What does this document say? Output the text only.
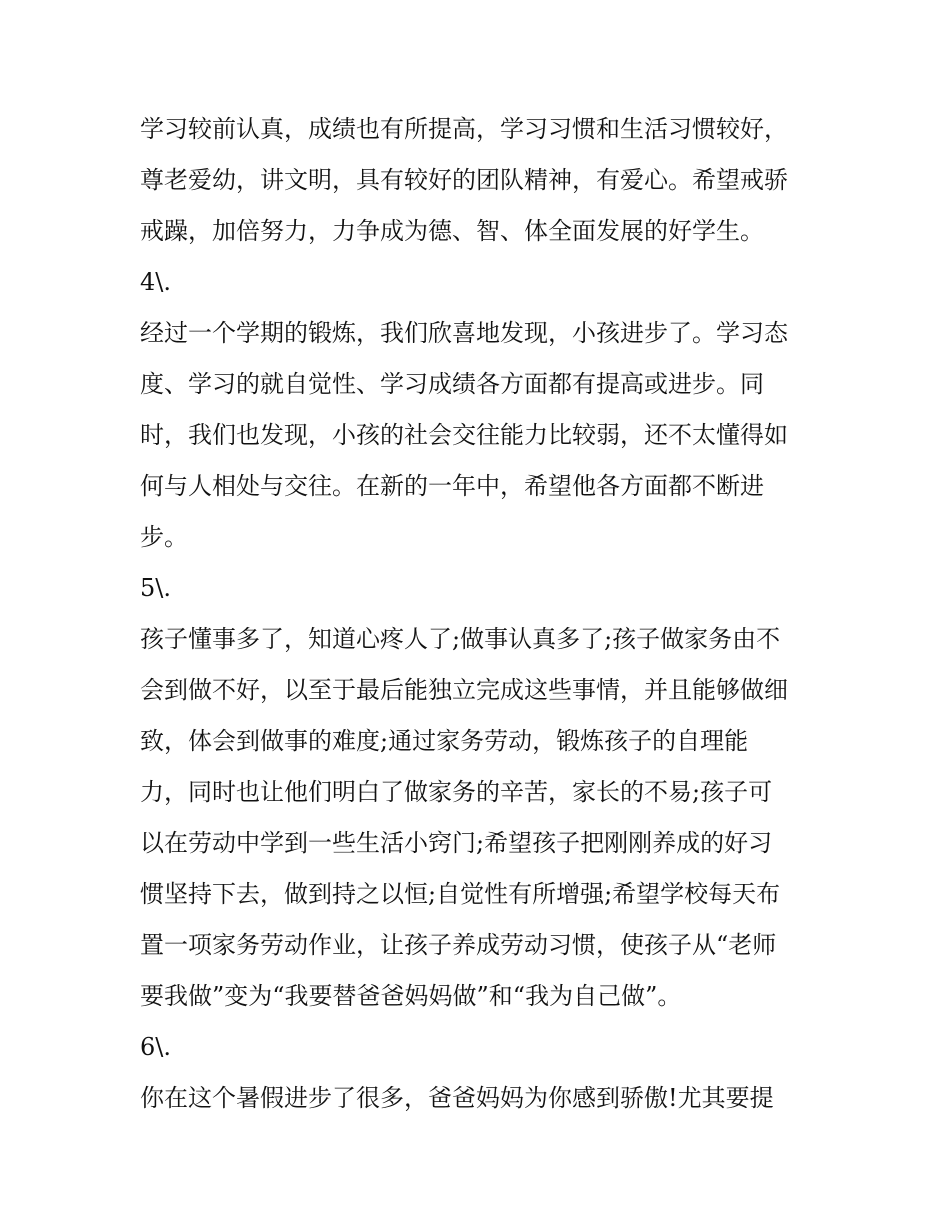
学习较前认真，成绩也有所提高，学习习惯和生活习惯较好，
尊老爱幼，讲文明，具有较好的团队精神，有爱心。希望戒骄
戒躁，加倍努力，力争成为德、智、体全面发展的好学生。
4\.
经过一个学期的锻炼，我们欣喜地发现，小孩进步了。学习态
度、学习的就自觉性、学习成绩各方面都有提高或进步。同
时，我们也发现，小孩的社会交往能力比较弱，还不太懂得如
何与人相处与交往。在新的一年中，希望他各方面都不断进
步。
5\.
孩子懂事多了，知道心疼人了;做事认真多了;孩子做家务由不
会到做不好，以至于最后能独立完成这些事情，并且能够做细
致，体会到做事的难度;通过家务劳动，锻炼孩子的自理能
力，同时也让他们明白了做家务的辛苦，家长的不易;孩子可
以在劳动中学到一些生活小窍门;希望孩子把刚刚养成的好习
惯坚持下去，做到持之以恒;自觉性有所增强;希望学校每天布
置一项家务劳动作业，让孩子养成劳动习惯，使孩子从“老师
要我做”变为“我要替爸爸妈妈做”和“我为自己做”。
6\.
你在这个暑假进步了很多，爸爸妈妈为你感到骄傲!尤其要提
